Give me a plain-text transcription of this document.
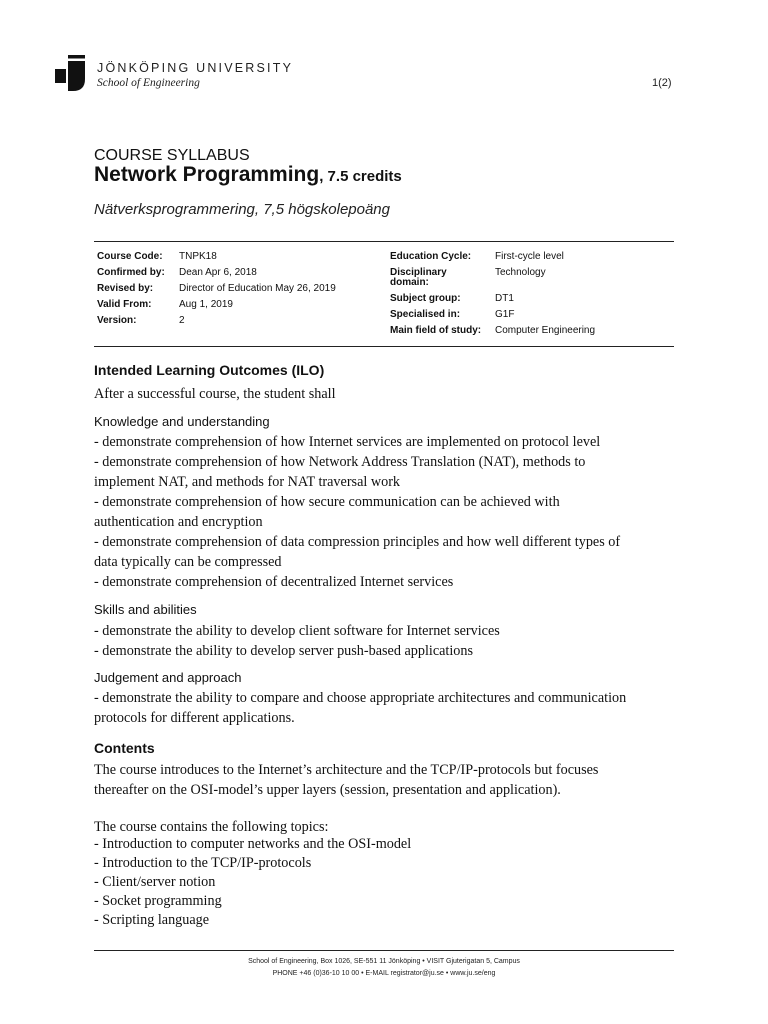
JÖNKÖPING UNIVERSITY
School of Engineering	1(2)
COURSE SYLLABUS
Network Programming, 7.5 credits
Nätverksprogrammering, 7,5 högskolepoäng
Course Code: TNPK18
Confirmed by: Dean Apr 6, 2018
Revised by:	Director of Education May 26, 2019
Valid From:	Aug 1, 2019
Version:	2
Education Cycle: First-cycle level
Disciplinary
domain:
Technology
Subject group:	DT1
Specialised in:	G1F
Main field of study: Computer Engineering
Intended Learning Outcomes (ILO)
After a successful course, the student shall
Knowledge and understanding
- demonstrate comprehension of how Internet services are implemented on protocol level
- demonstrate comprehension of how Network Address Translation (NAT), methods to
implement NAT, and methods for NAT traversal work
- demonstrate comprehension of how secure communication can be achieved with
authentication and encryption
- demonstrate comprehension of data compression principles and how well different types of
data typically can be compressed
- demonstrate comprehension of decentralized Internet services
Skills and abilities
- demonstrate the ability to develop client software for Internet services
- demonstrate the ability to develop server push-based applications
Judgement and approach
- demonstrate the ability to compare and choose appropriate architectures and communication
protocols for different applications.
Contents
The course introduces to the Internet’s architecture and the TCP/IP-protocols but focuses
thereafter on the OSI-model’s upper layers (session, presentation and application).
The course contains the following topics:
- Introduction to computer networks and the OSI-model
- Introduction to the TCP/IP-protocols
- Client/server notion
- Socket programming
- Scripting language
School of Engineering, Box 1026, SE-551 11 Jönköping • VISIT Gjuterigatan 5, Campus
PHONE +46 (0)36-10 10 00 • E-MAIL registrator@ju.se • www.ju.se/eng
